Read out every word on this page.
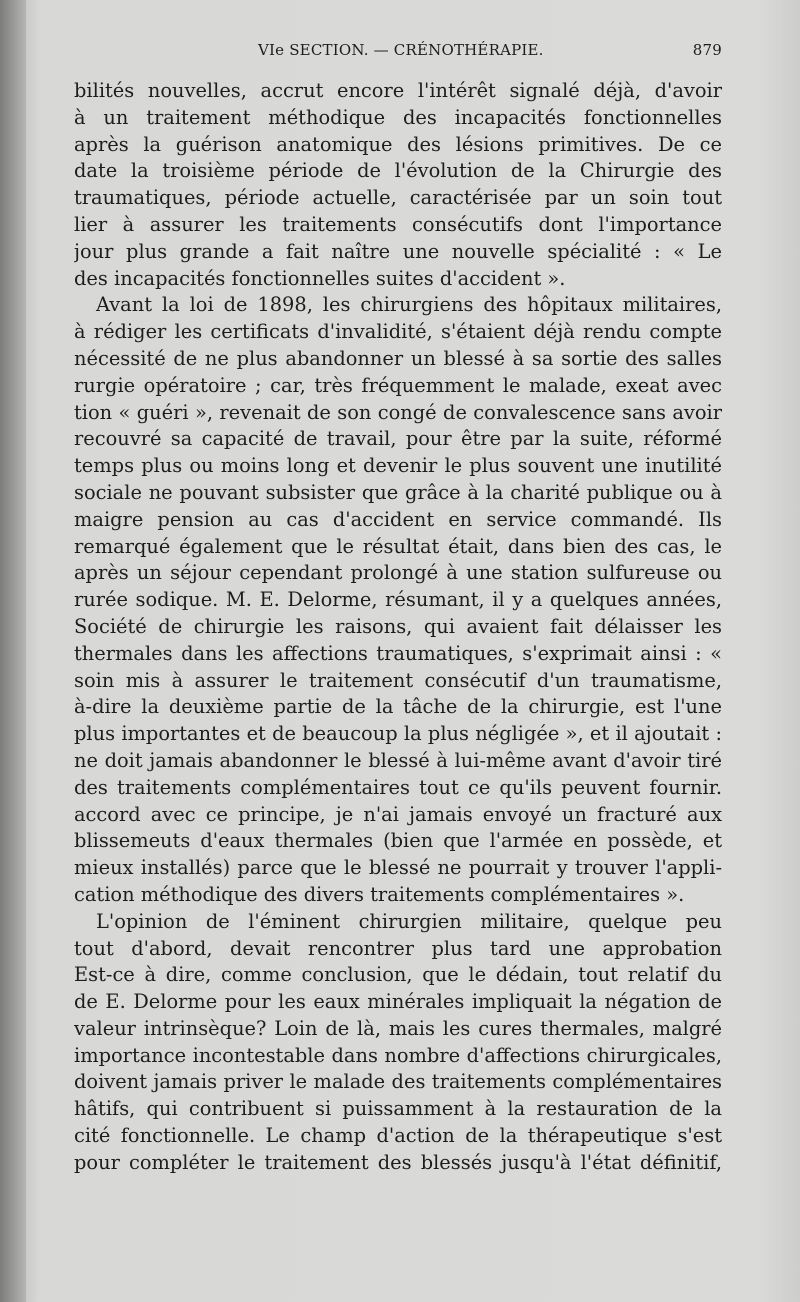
VIe SECTION. — CRÉNOTHÉRAPIE.	879
bilités nouvelles, accrut encore l'intérêt signalé déjà, d'avoir
à un traitement méthodique des incapacités fonctionnelles
après la guérison anatomique des lésions primitives. De ce
date la troisième période de l'évolution de la Chirurgie des
traumatiques, période actuelle, caractérisée par un soin tout
lier à assurer les traitements consécutifs dont l'importance
jour plus grande a fait naître une nouvelle spécialité : « Le
des incapacités fonctionnelles suites d'accident ».
Avant la loi de 1898, les chirurgiens des hôpitaux militaires,
à rédiger les certificats d'invalidité, s'étaient déjà rendu compte
nécessité de ne plus abandonner un blessé à sa sortie des salles
rurgie opératoire ; car, très fréquemment le malade, exeat avec
tion « guéri », revenait de son congé de convalescence sans avoir
recouvré sa capacité de travail, pour être par la suite, réformé
temps plus ou moins long et devenir le plus souvent une inutilité
sociale ne pouvant subsister que grâce à la charité publique ou à
maigre pension au cas d'accident en service commandé. Ils
remarqué également que le résultat était, dans bien des cas, le
après un séjour cependant prolongé à une station sulfureuse ou
rurée sodique. M. E. Delorme, résumant, il y a quelques années,
Société de chirurgie les raisons, qui avaient fait délaisser les
thermales dans les affections traumatiques, s'exprimait ainsi : «
soin mis à assurer le traitement consécutif d'un traumatisme,
à-dire la deuxième partie de la tâche de la chirurgie, est l'une
plus importantes et de beaucoup la plus négligée », et il ajoutait :
ne doit jamais abandonner le blessé à lui-même avant d'avoir tiré
des traitements complémentaires tout ce qu'ils peuvent fournir.
accord avec ce principe, je n'ai jamais envoyé un fracturé aux
blissemeuts d'eaux thermales (bien que l'armée en possède, et
mieux installés) parce que le blessé ne pourrait y trouver l'appli-
cation méthodique des divers traitements complémentaires ».
L'opinion de l'éminent chirurgien militaire, quelque peu
tout d'abord, devait rencontrer plus tard une approbation
Est-ce à dire, comme conclusion, que le dédain, tout relatif du
de E. Delorme pour les eaux minérales impliquait la négation de
valeur intrinsèque? Loin de là, mais les cures thermales, malgré
importance incontestable dans nombre d'affections chirurgicales,
doivent jamais priver le malade des traitements complémentaires
hâtifs, qui contribuent si puissamment à la restauration de la
cité fonctionnelle. Le champ d'action de la thérapeutique s'est
pour compléter le traitement des blessés jusqu'à l'état définitif,
